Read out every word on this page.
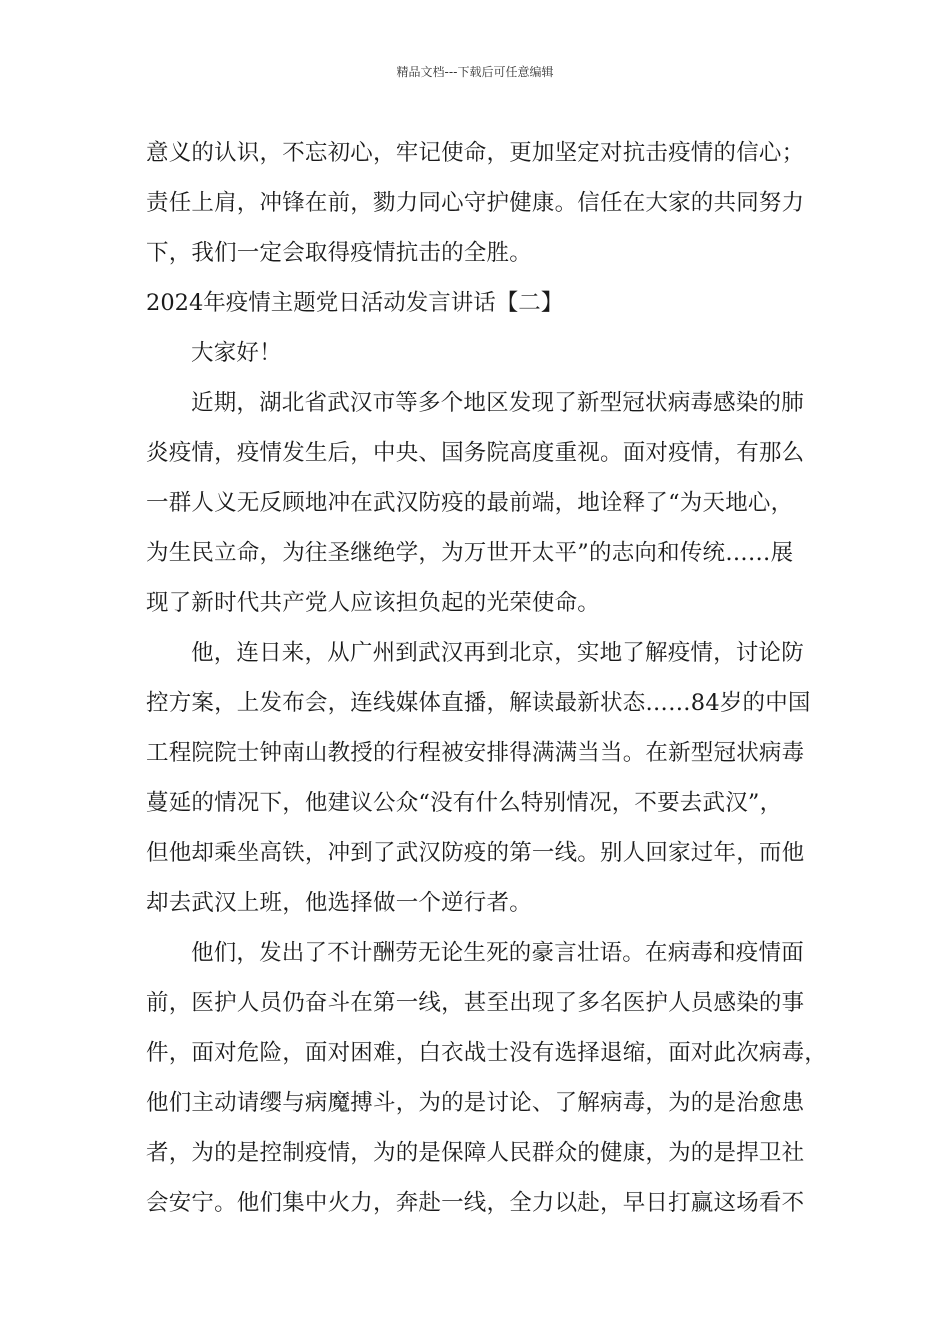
精品文档---下载后可任意编辑
意义的认识，不忘初心，牢记使命，更加坚定对抗击疫情的信心；
责任上肩，冲锋在前，勠力同心守护健康。信任在大家的共同努力
下，我们一定会取得疫情抗击的全胜。
2024年疫情主题党日活动发言讲话【二】
大家好！
近期，湖北省武汉市等多个地区发现了新型冠状病毒感染的肺
炎疫情，疫情发生后，中央、国务院高度重视。面对疫情，有那么
一群人义无反顾地冲在武汉防疫的最前端，地诠释了“为天地心，
为生民立命，为往圣继绝学，为万世开太平”的志向和传统……展
现了新时代共产党人应该担负起的光荣使命。
他，连日来，从广州到武汉再到北京，实地了解疫情，讨论防
控方案，上发布会，连线媒体直播，解读最新状态……84岁的中国
工程院院士钟南山教授的行程被安排得满满当当。在新型冠状病毒
蔓延的情况下，他建议公众“没有什么特别情况，不要去武汉”，
但他却乘坐高铁，冲到了武汉防疫的第一线。别人回家过年，而他
却去武汉上班，他选择做一个逆行者。
他们，发出了不计酬劳无论生死的豪言壮语。在病毒和疫情面
前，医护人员仍奋斗在第一线，甚至出现了多名医护人员感染的事
件，面对危险，面对困难，白衣战士没有选择退缩，面对此次病毒，
他们主动请缨与病魔搏斗，为的是讨论、了解病毒，为的是治愈患
者，为的是控制疫情，为的是保障人民群众的健康，为的是捍卫社
会安宁。他们集中火力，奔赴一线，全力以赴，早日打赢这场看不
